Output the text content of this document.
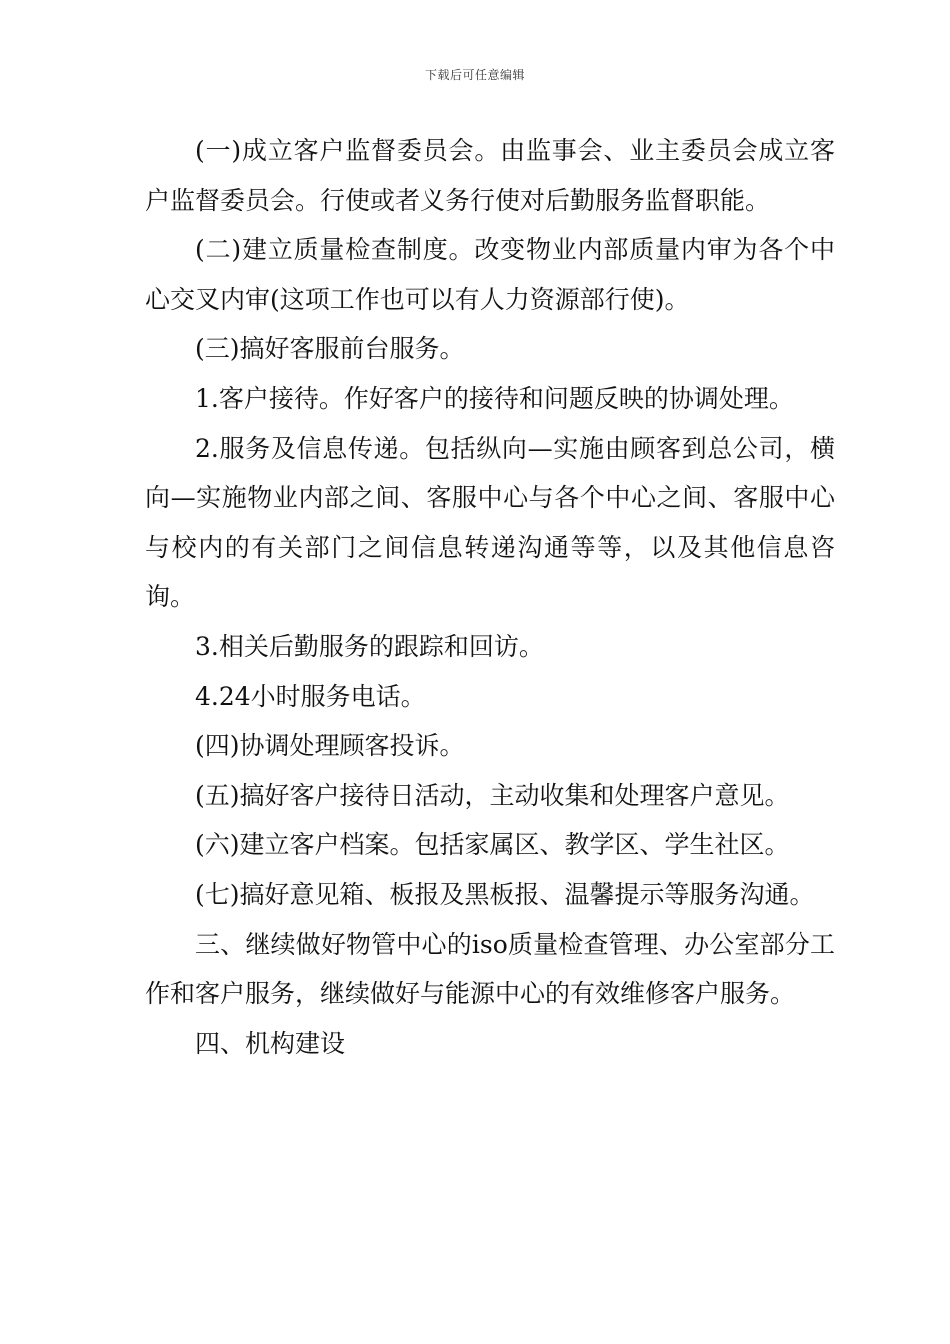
下载后可任意编辑

(一)成立客户监督委员会。由监事会、业主委员会成立客户监督委员会。行使或者义务行使对后勤服务监督职能。

(二)建立质量检查制度。改变物业内部质量内审为各个中心交叉内审(这项工作也可以有人力资源部行使)。

(三)搞好客服前台服务。

1.客户接待。作好客户的接待和问题反映的协调处理。

2.服务及信息传递。包括纵向—实施由顾客到总公司，横向—实施物业内部之间、客服中心与各个中心之间、客服中心与校内的有关部门之间信息转递沟通等等，以及其他信息咨询。

3.相关后勤服务的跟踪和回访。

4.24小时服务电话。

(四)协调处理顾客投诉。

(五)搞好客户接待日活动，主动收集和处理客户意见。

(六)建立客户档案。包括家属区、教学区、学生社区。

(七)搞好意见箱、板报及黑板报、温馨提示等服务沟通。

三、继续做好物管中心的iso质量检查管理、办公室部分工作和客户服务，继续做好与能源中心的有效维修客户服务。

四、机构建设
